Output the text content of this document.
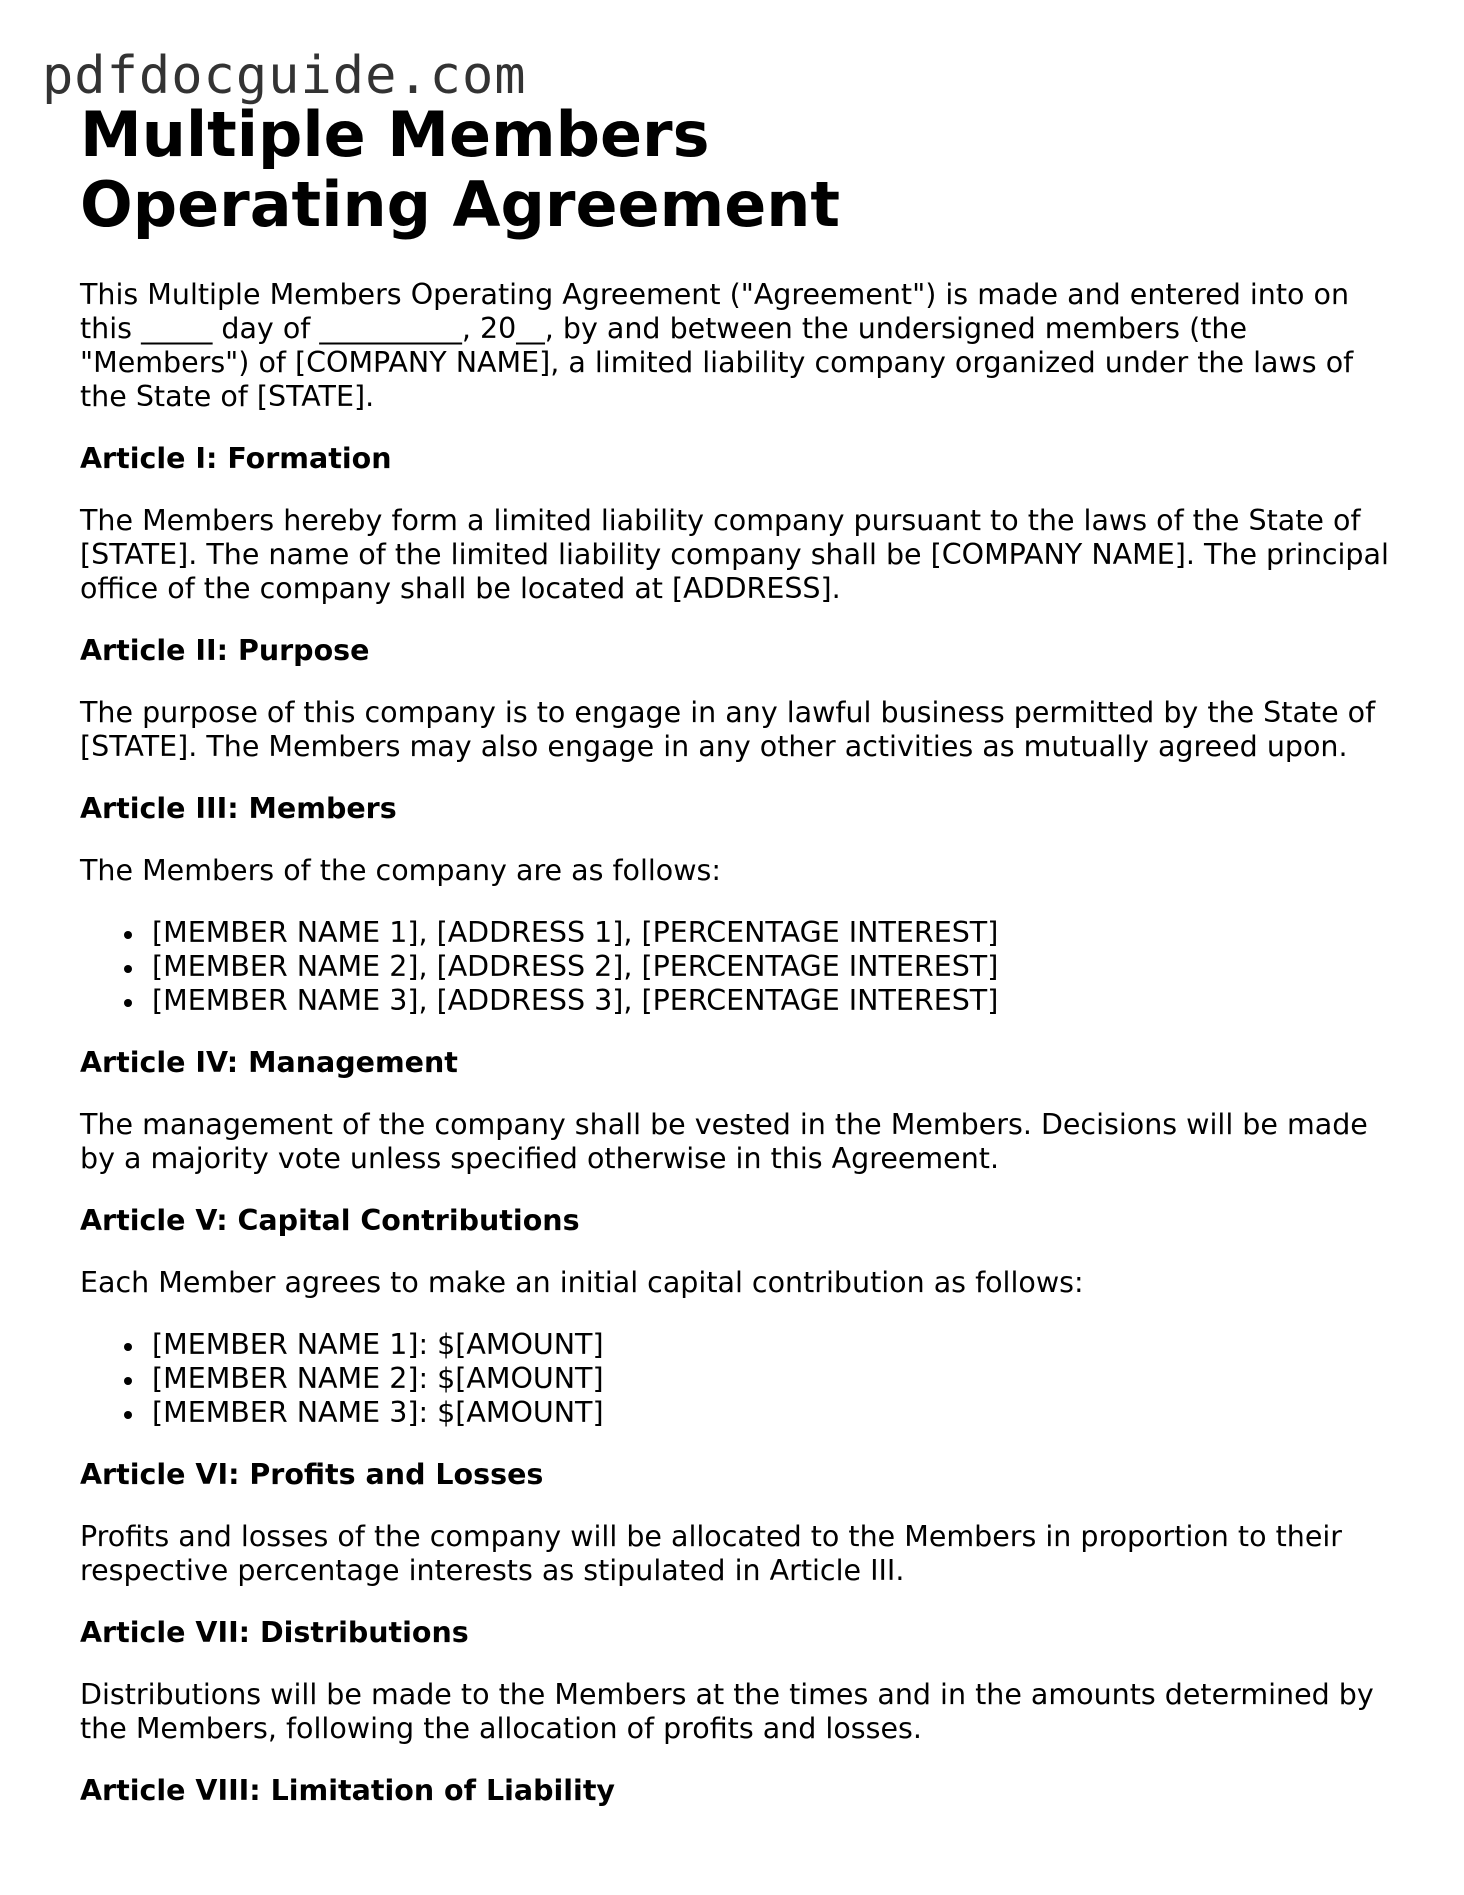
pdfdocguide.com
Multiple Members Operating Agreement

This Multiple Members Operating Agreement ("Agreement") is made and entered into on this _____ day of __________, 20__, by and between the undersigned members (the "Members") of [COMPANY NAME], a limited liability company organized under the laws of the State of [STATE].

Article I: Formation

The Members hereby form a limited liability company pursuant to the laws of the State of [STATE]. The name of the limited liability company shall be [COMPANY NAME]. The principal office of the company shall be located at [ADDRESS].

Article II: Purpose

The purpose of this company is to engage in any lawful business permitted by the State of [STATE]. The Members may also engage in any other activities as mutually agreed upon.

Article III: Members

The Members of the company are as follows:

[MEMBER NAME 1], [ADDRESS 1], [PERCENTAGE INTEREST]
[MEMBER NAME 2], [ADDRESS 2], [PERCENTAGE INTEREST]
[MEMBER NAME 3], [ADDRESS 3], [PERCENTAGE INTEREST]
Article IV: Management

The management of the company shall be vested in the Members. Decisions will be made by a majority vote unless specified otherwise in this Agreement.

Article V: Capital Contributions

Each Member agrees to make an initial capital contribution as follows:

[MEMBER NAME 1]: $[AMOUNT]
[MEMBER NAME 2]: $[AMOUNT]
[MEMBER NAME 3]: $[AMOUNT]
Article VI: Profits and Losses

Profits and losses of the company will be allocated to the Members in proportion to their respective percentage interests as stipulated in Article III.

Article VII: Distributions

Distributions will be made to the Members at the times and in the amounts determined by the Members, following the allocation of profits and losses.

Article VIII: Limitation of Liability
